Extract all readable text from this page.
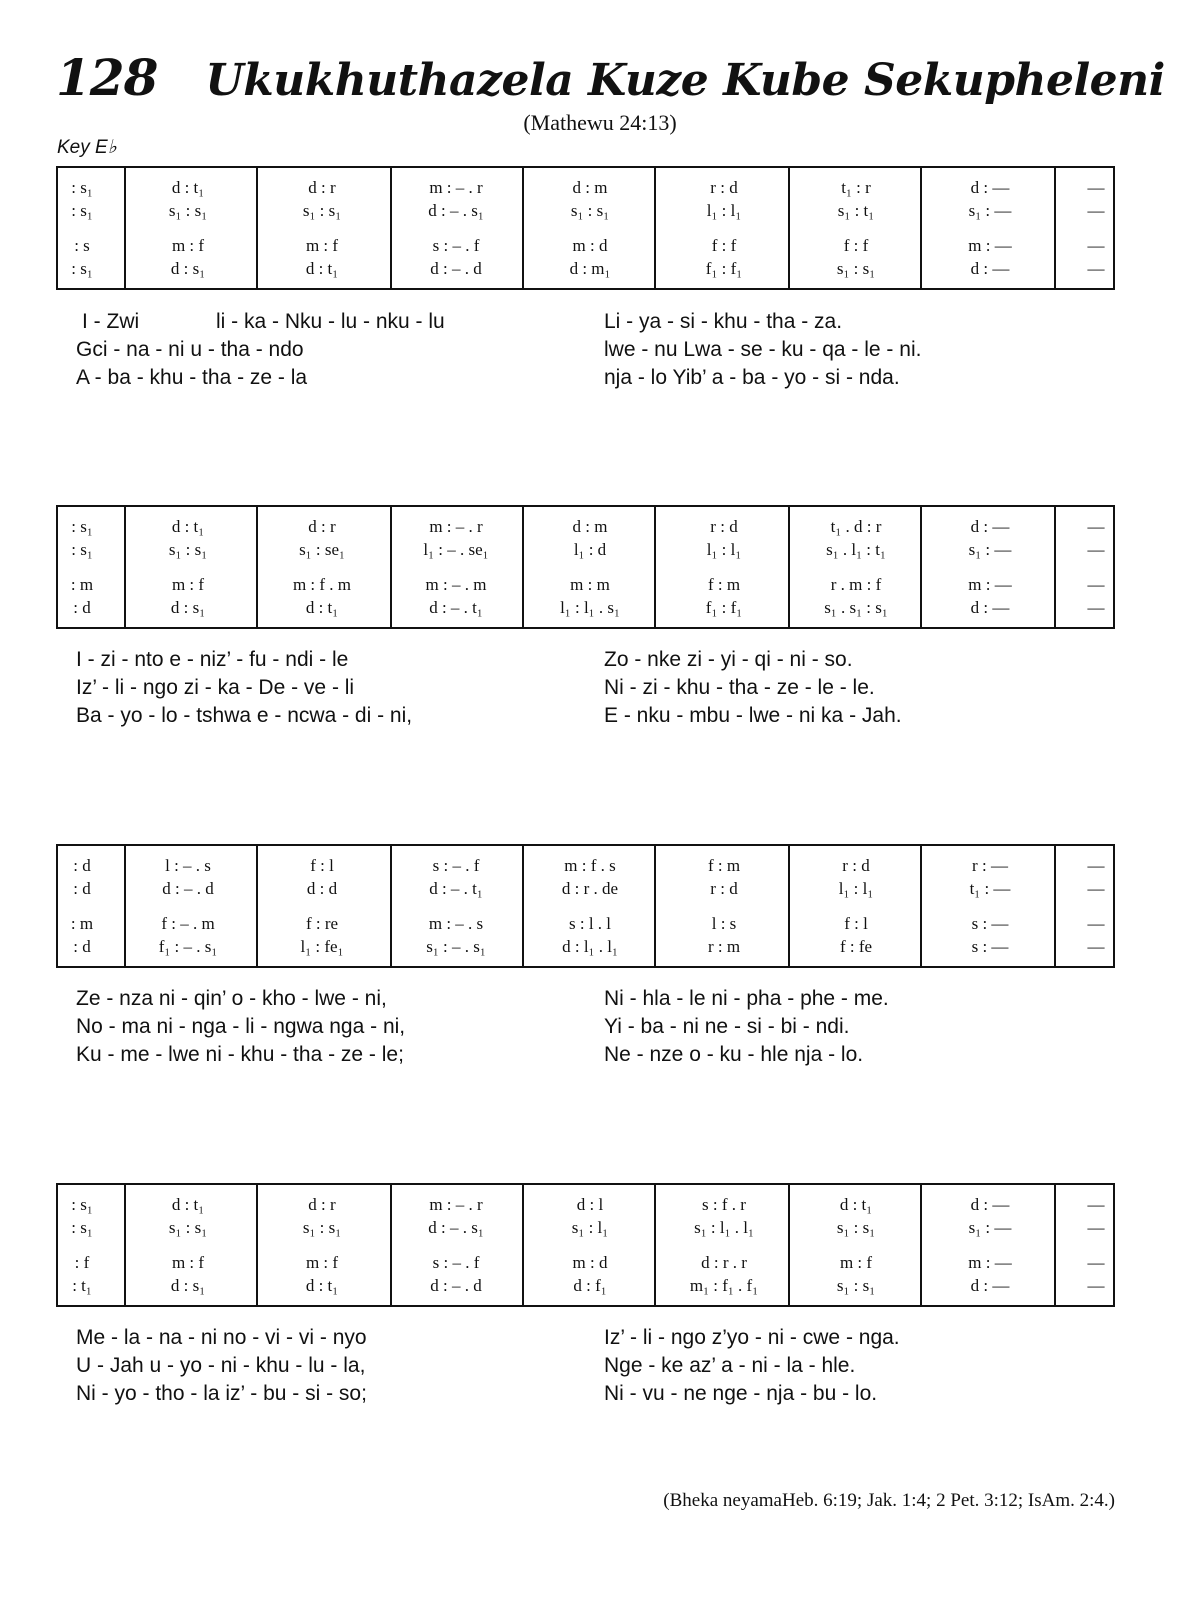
128 Ukukhuthazela Kuze Kube Sekupheleni
(Mathewu 24:13)
Key E♭
: s₁	d : t₁	d : r	m : – . r	d : m	r : d	t₁ : r	d : —	—
: s₁	s₁ : s₁	s₁ : s₁	d : – . s₁	s₁ : s₁	l₁ : l₁	s₁ : t₁	s₁ : —	—
: s	m : f	m : f	s : – . f	m : d	f : f	f : f	m : —	—
: s₁	d : s₁	d : t₁	d : – . d	d : m₁	f₁ : f₁	s₁ : s₁	d : —	—
: s₁	d : t₁	d : r	m : – . r	d : m	r : d	t₁ . d : r	d : —	—
: s₁	s₁ : s₁	s₁ : se₁	l₁ : – . se₁	l₁ : d	l₁ : l₁	s₁ . l₁ : t₁	s₁ : —	—
: m	m : f	m : f . m	m : – . m	m : m	f : m	r . m : f	m : —	—
: d	d : s₁	d : t₁	d : – . t₁	l₁ : l₁ . s₁	f₁ : f₁	s₁ . s₁ : s₁	d : —	—
: d	l : – . s	f : l	s : – . f	m : f . s	f : m	r : d	r : —	—
: d	d : – . d	d : d	d : – . t₁	d : r . de	r : d	l₁ : l₁	t₁ : —	—
: m	f : – . m	f : re	m : – . s	s : l . l	l : s	f : l	s : —	—
: d	f₁ : – . s₁	l₁ : fe₁	s₁ : – . s₁	d : l₁ . l₁	r : m	f : fe	s : —	—
: s₁	d : t₁	d : r	m : – . r	d : l	s : f . r	d : t₁	d : —	—
: s₁	s₁ : s₁	s₁ : s₁	d : – . s₁	s₁ : l₁	s₁ : l₁ . l₁	s₁ : s₁	s₁ : —	—
: f	m : f	m : f	s : – . f	m : d	d : r . r	m : f	m : —	—
: t₁	d : s₁	d : t₁	d : – . d	d : f₁	m₁ : f₁ . f₁	s₁ : s₁	d : —	—
(Bheka neyamaHeb. 6:19; Jak. 1:4; 2 Pet. 3:12; IsAm. 2:4.)
I - Zwi	li - ka - Nku - lu - nku - lu	Li - ya - si - khu - tha - za.
Gci - na - ni u - tha - ndo	lwe - nu Lwa - se - ku - qa - le - ni.
A - ba - khu - tha - ze - la	nja - lo Yib’ a - ba - yo - si - nda.
I - zi - nto e - niz’ - fu - ndi - le	Zo - nke zi - yi - qi - ni - so.
Iz’ - li - ngo zi - ka - De - ve - li	Ni - zi - khu - tha - ze - le - le.
Ba - yo - lo - tshwa e - ncwa - di - ni,	E - nku - mbu - lwe - ni ka - Jah.
Ze - nza ni - qin’ o - kho - lwe - ni,	Ni - hla - le ni - pha - phe - me.
No - ma ni - nga - li - ngwa nga - ni,	Yi - ba - ni ne - si - bi - ndi.
Ku - me - lwe ni - khu - tha - ze - le;	Ne - nze o - ku - hle nja - lo.
Me - la - na - ni no - vi - vi - nyo	Iz’ - li - ngo z’yo - ni - cwe - nga.
U - Jah u - yo - ni - khu - lu - la,	Nge - ke az’ a - ni - la - hle.
Ni - yo - tho - la iz’ - bu - si - so;	Ni - vu - ne nge - nja - bu - lo.
